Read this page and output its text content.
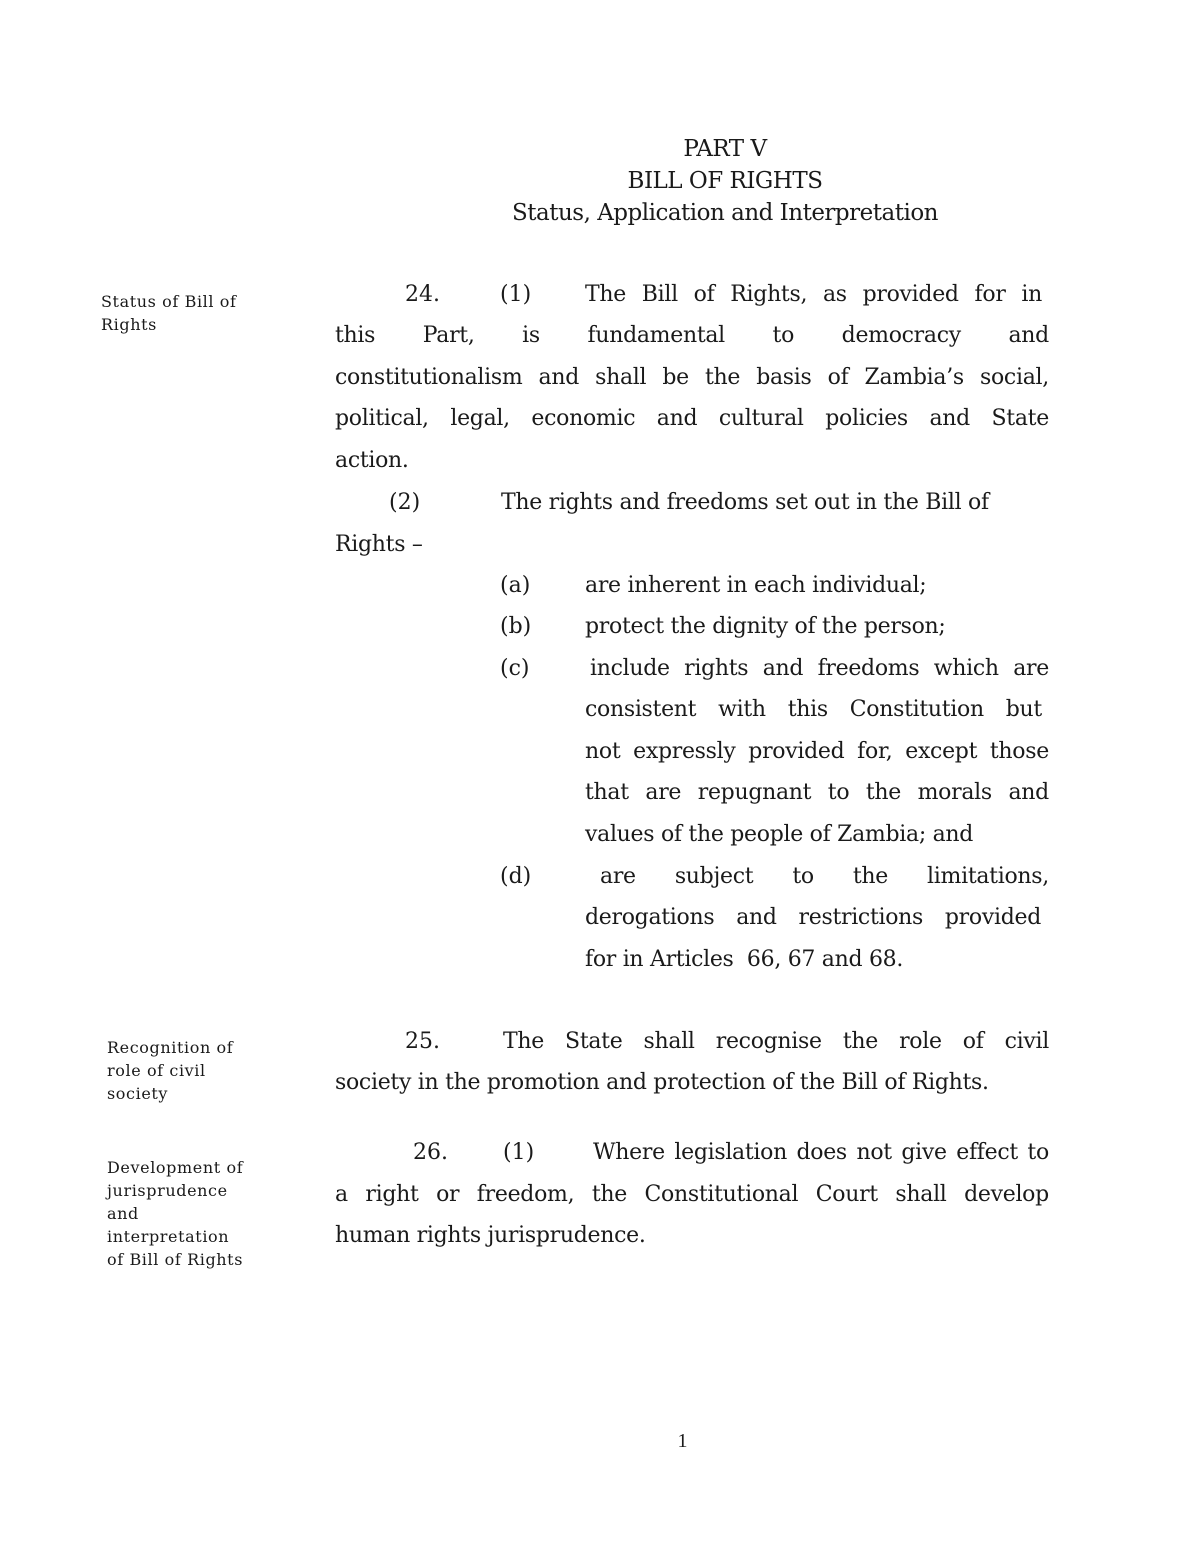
PART V
BILL OF RIGHTS
Status, Application and Interpretation
Status of Bill of
Rights
Recognition of
role of civil
society
Development of
jurisprudence
and
interpretation
of Bill of Rights
24.	(1) The Bill of Rights, as provided for in
this Part, is fundamental to democracy and
constitutionalism and shall be the basis of Zambia’s social,
political, legal, economic and cultural policies and State
action.
(2)	The rights and freedoms set out in the Bill of
Rights –
(a) are inherent in each individual;
(b) protect the dignity of the person;
(c)	include rights and freedoms which are
consistent with this Constitution but
not expressly provided for, except those
that are repugnant to the morals and
values of the people of Zambia; and
(d)	are subject to the limitations,
derogations and restrictions provided
for in Articles  66, 67 and 68.
25.	The State shall recognise the role of civil
society in the promotion and protection of the Bill of Rights.
26.	(1)	Where legislation does not give effect to
a right or freedom, the Constitutional Court shall develop
human rights jurisprudence.
1
